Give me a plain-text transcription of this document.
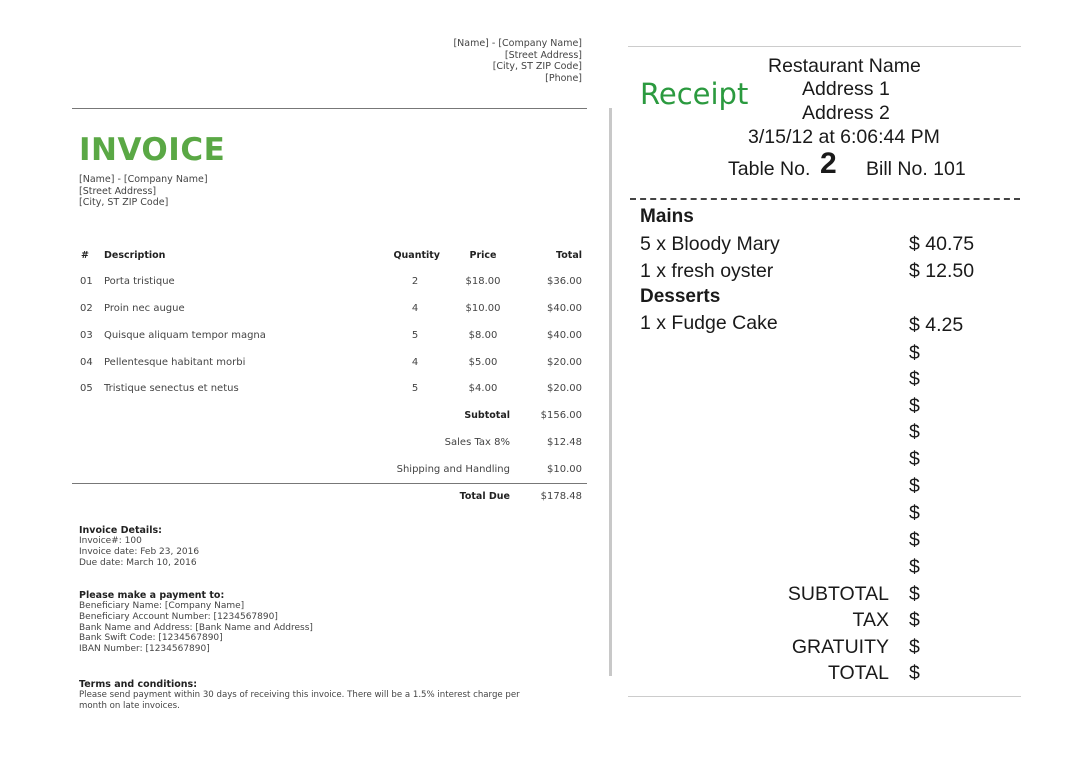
[Name] - [Company Name]
[Street Address]
[City, ST ZIP Code]
[Phone]
INVOICE
[Name] - [Company Name]
[Street Address]
[City, ST ZIP Code]
# Description	Quantity	Price	Total
01 Porta tristique	2	$18.00	$36.00
02 Proin nec augue	4	$10.00	$40.00
03 Quisque aliquam tempor magna	5	$8.00	$40.00
04 Pellentesque habitant morbi	4	$5.00	$20.00
05 Tristique senectus et netus	5	$4.00	$20.00
Subtotal	$156.00
Sales Tax 8%	$12.48
Shipping and Handling	$10.00
Total Due	$178.48
Invoice Details:
Invoice#: 100
Invoice date: Feb 23, 2016
Due date: March 10, 2016
Please make a payment to:
Beneficiary Name: [Company Name]
Beneficiary Account Number: [1234567890]
Bank Name and Address: [Bank Name and Address]
Bank Swift Code: [1234567890]
IBAN Number: [1234567890]
Terms and conditions:
Please send payment within 30 days of receiving this invoice. There will be a 1.5% interest charge per
month on late invoices.
Receipt
Restaurant Name
Address 1
Address 2
3/15/12 at 6:06:44 PM
Table No. 2 Bill No. 101
Mains
5 x Bloody Mary	$ 40.75
1 x fresh oyster	$ 12.50
Desserts
1 x Fudge Cake	$ 4.25
$
$
$
$
$
$
$
$
$
SUBTOTAL $
TAX $
GRATUITY $
TOTAL $
